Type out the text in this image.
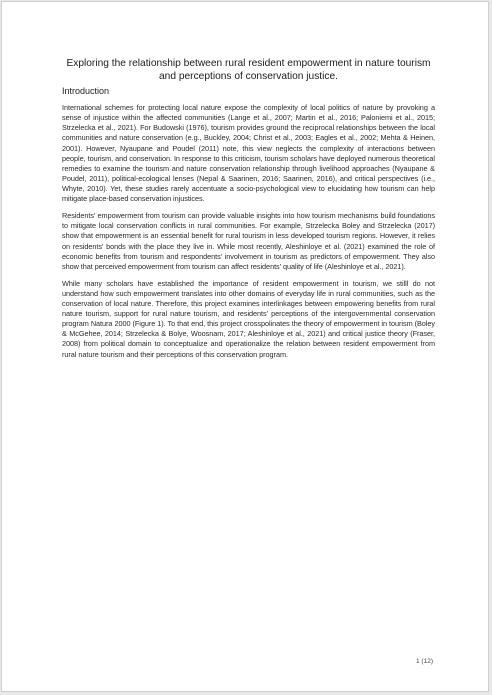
Exploring the relationship between rural resident empowerment in nature tourism and perceptions of conservation justice.
Introduction

International schemes for protecting local nature expose the complexity of local politics of nature by provoking a sense of injustice within the affected communities (Lange et al., 2007; Martin et al., 2016; Paloniemi et al., 2015; Strzelecka et al., 2021). For Budowski (1976), tourism provides ground the reciprocal relationships between the local communities and nature conservation (e.g., Buckley, 2004; Christ et al., 2003; Eagles et al., 2002; Mehta & Heinen, 2001). However, Nyaupane and Poudel (2011) note, this view neglects the complexity of interactions between people, tourism, and conservation. In response to this criticism, tourism scholars have deployed numerous theoretical remedies to examine the tourism and nature conservation relationship through livelihood approaches (Nyaupane & Poudel, 2011), political-ecological lenses (Nepal & Saarinen, 2016; Saarinen, 2016), and critical perspectives (i.e., Whyte, 2010). Yet, these studies rarely accentuate a socio-psychological view to elucidating how tourism can help mitigate place-based conservation injustices.

Residents' empowerment from tourism can provide valuable insights into how tourism mechanisms build foundations to mitigate local conservation conflicts in rural communities. For example, Strzelecka Boley and Strzelecka (2017) show that empowerment is an essential benefit for rural tourism in less developed tourism regions. However, it relies on residents' bonds with the place they live in. While most recently, Aleshinloye et al. (2021) examined the role of economic benefits from tourism and respondents' involvement in tourism as predictors of empowerment. They also show that perceived empowerment from tourism can affect residents' quality of life (Aleshinloye et al., 2021).

While many scholars have established the importance of resident empowerment in tourism, we stilll do not understand how such empowerment translates into other domains of everyday life in rural communities, such as the conservation of local nature. Therefore, this project examines interlinkages between empowering benefits from rural nature tourism, support for rural nature tourism, and residents' perceptions of the intergovernmental conservation program Natura 2000 (Figure 1). To that end, this project crosspolinates the theory of empowerment in tourism (Boley & McGehee, 2014; Strzelecka & Bolye, Woosnam, 2017; Aleshinloye et al., 2021) and critical justice theory (Fraser, 2008) from political domain to conceptualize and operationalize the relation between resident empowerment from rural nature tourism and their perceptions of this conservation program.

1 (12)
